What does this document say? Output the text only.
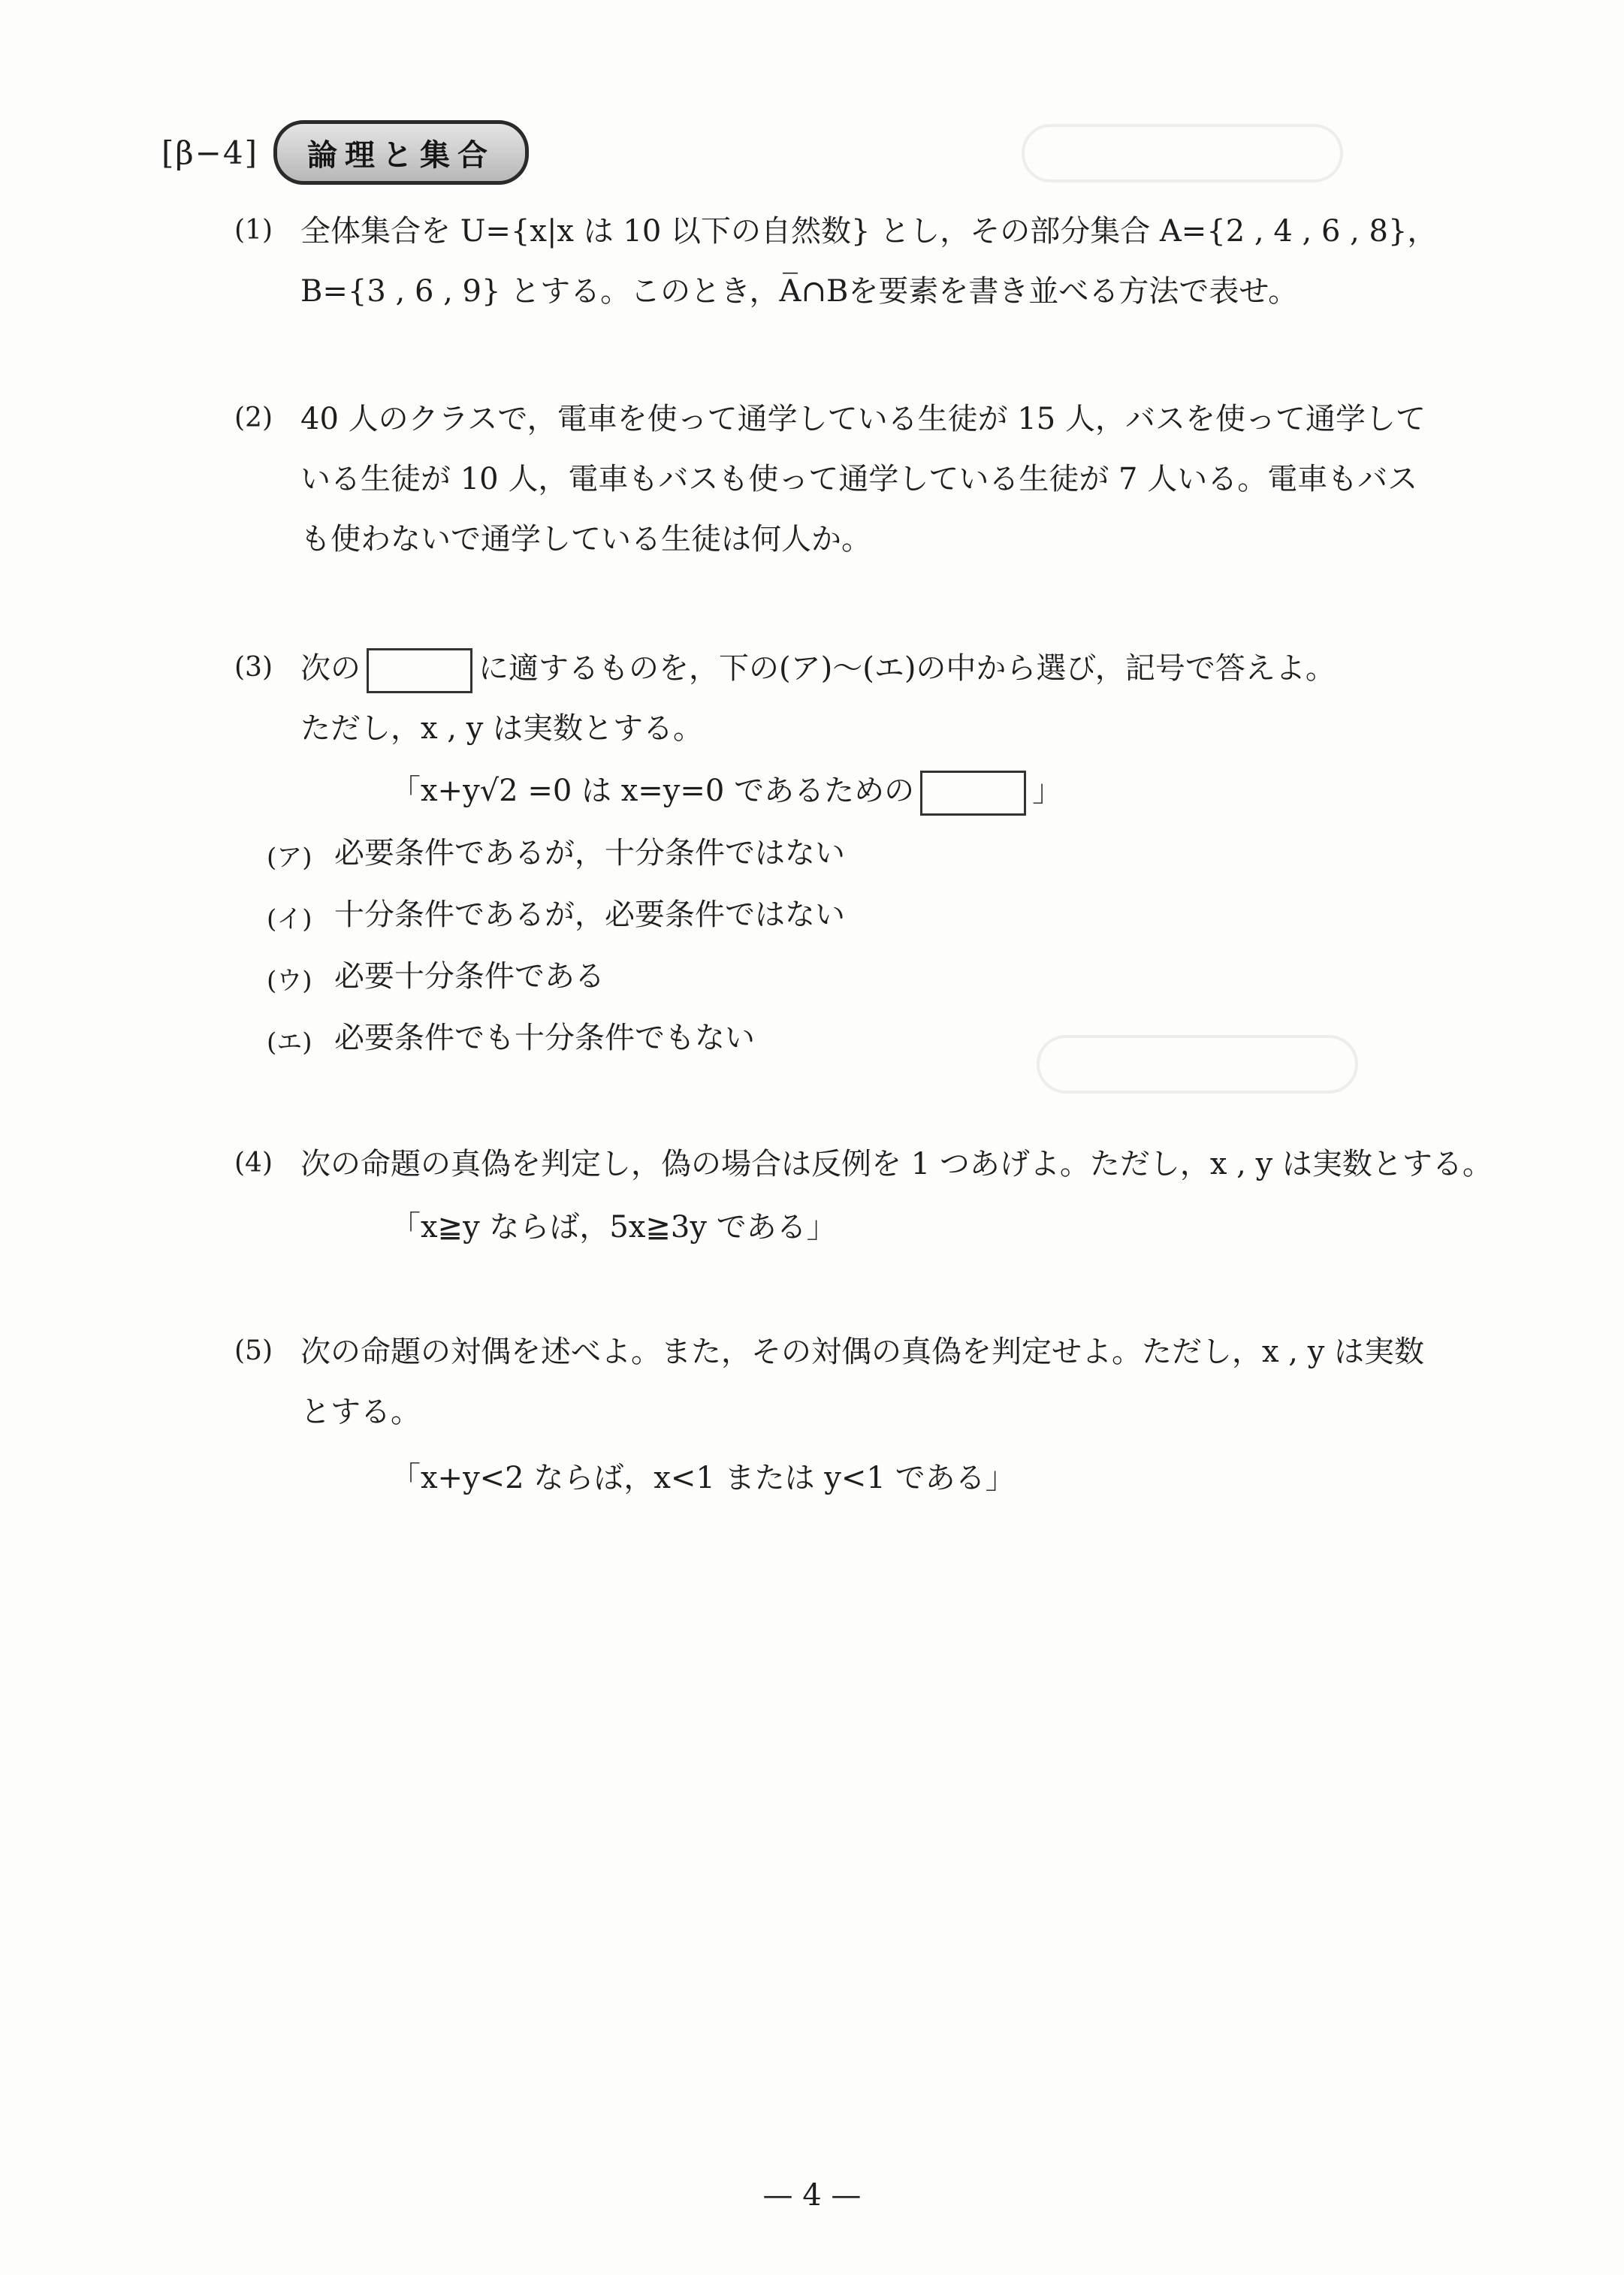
[β−4]	論理と集合
(1) 全体集合を U={x|x は 10 以下の自然数} とし，その部分集合 A={2 , 4 , 6 , 8}，
B={3 , 6 , 9} とする。このとき，A̅∩Bを要素を書き並べる方法で表せ。
(2) 40 人のクラスで，電車を使って通学している生徒が 15 人，バスを使って通学して
いる生徒が 10 人，電車もバスも使って通学している生徒が 7 人いる。電車もバス
も使わないで通学している生徒は何人か。
(3) 次の	に適するものを，下の(ア)〜(エ)の中から選び，記号で答えよ。
ただし，x , y は実数とする。
「x+y√2 =0 は x=y=0 であるための	」
(ア) 必要条件であるが，十分条件ではない
(イ) 十分条件であるが，必要条件ではない
(ウ) 必要十分条件である
(エ) 必要条件でも十分条件でもない
(4) 次の命題の真偽を判定し，偽の場合は反例を 1 つあげよ。ただし，x , y は実数とする。
「x≧y ならば，5x≧3y である」
(5) 次の命題の対偶を述べよ。また，その対偶の真偽を判定せよ。ただし，x , y は実数
とする。
「x+y<2 ならば，x<1 または y<1 である」
— 4 —
